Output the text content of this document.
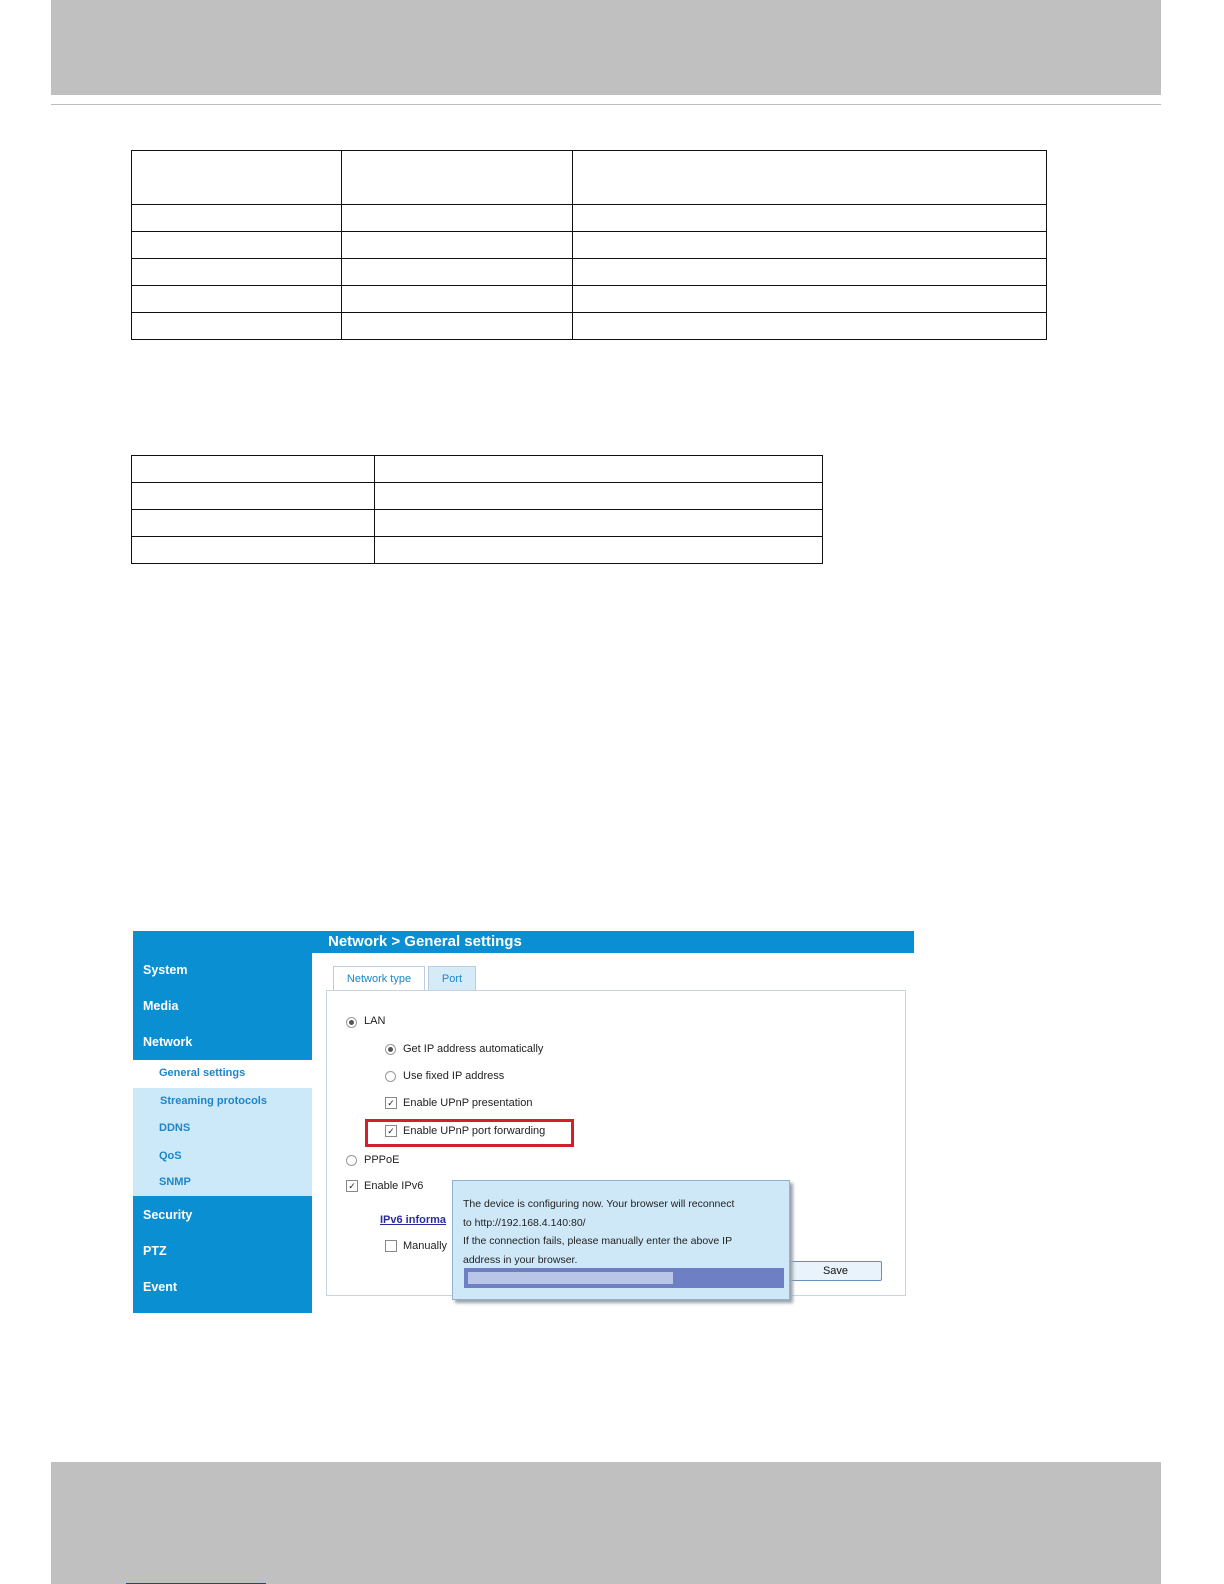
System
Media
Network
General settings
Streaming protocols
DDNS
QoS
SNMP
Security
PTZ
Event
Network > General settings
Network type	Port
LAN
Get IP address automatically
Use fixed IP address
✓ Enable UPnP presentation
✓ Enable UPnP port forwarding
PPPoE
✓ Enable IPv6
IPv6 informa
Manually
Save
The device is configuring now. Your browser will reconnect
to http://192.168.4.140:80/
If the connection fails, please manually enter the above IP
address in your browser.
